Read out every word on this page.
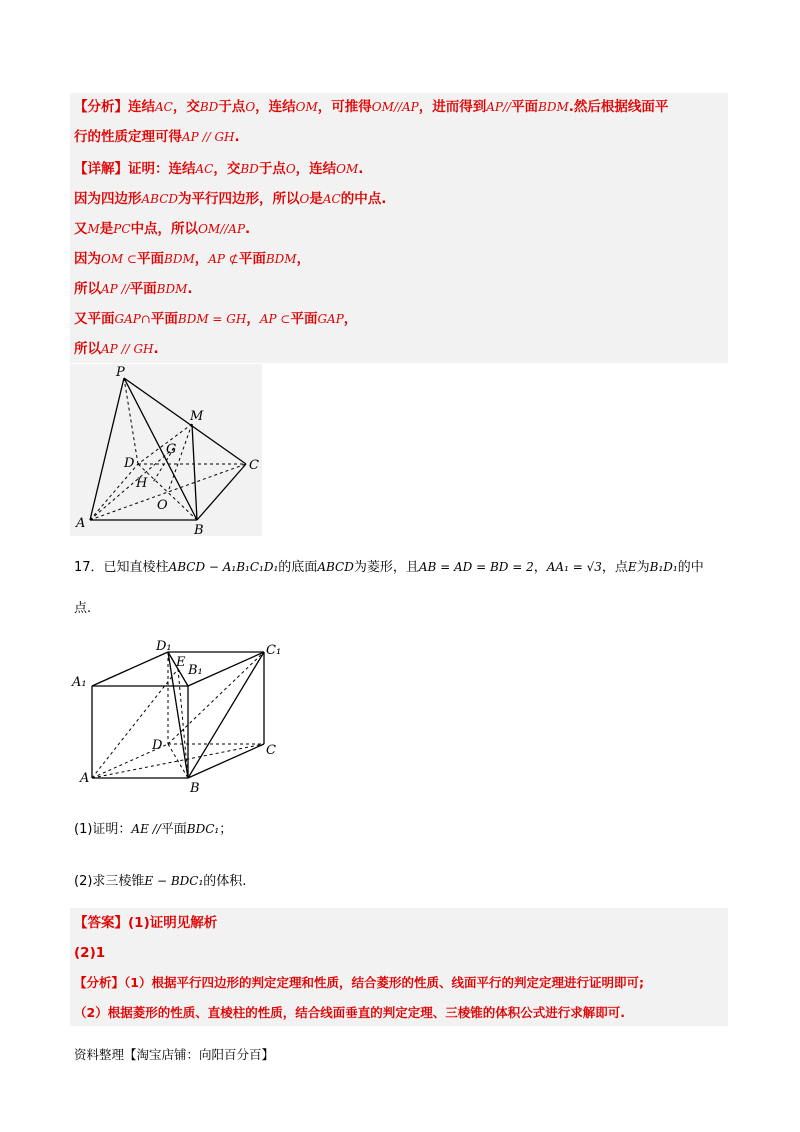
【分析】连结AC，交BD于点O，连结OM，可推得OM//AP，进而得到AP//平面BDM.然后根据线面平
行的性质定理可得AP // GH.
【详解】证明：连结AC，交BD于点O，连结OM.
因为四边形ABCD为平行四边形，所以O是AC的中点.
又M是PC中点，所以OM//AP.
因为OM ⊂平面BDM，AP ⊄平面BDM，
所以AP //平面BDM.
又平面GAP∩平面BDM = GH，AP ⊂平面GAP，
所以AP // GH.
P
M
G
D	C
H
O
A	B
17．已知直棱柱ABCD − A₁B₁C₁D₁的底面ABCD为菱形，且AB = AD = BD = 2，AA₁ = √3，点E为B₁D₁的中
点.
D₁
E
B₁
C₁
A₁
D	C
A
B
(1)证明：AE //平面BDC₁；
(2)求三棱锥E − BDC₁的体积.
【答案】(1)证明见解析
(2)1
【分析】（1）根据平行四边形的判定定理和性质，结合菱形的性质、线面平行的判定定理进行证明即可;
（2）根据菱形的性质、直棱柱的性质，结合线面垂直的判定定理、三棱锥的体积公式进行求解即可.
资料整理【淘宝店铺：向阳百分百】
